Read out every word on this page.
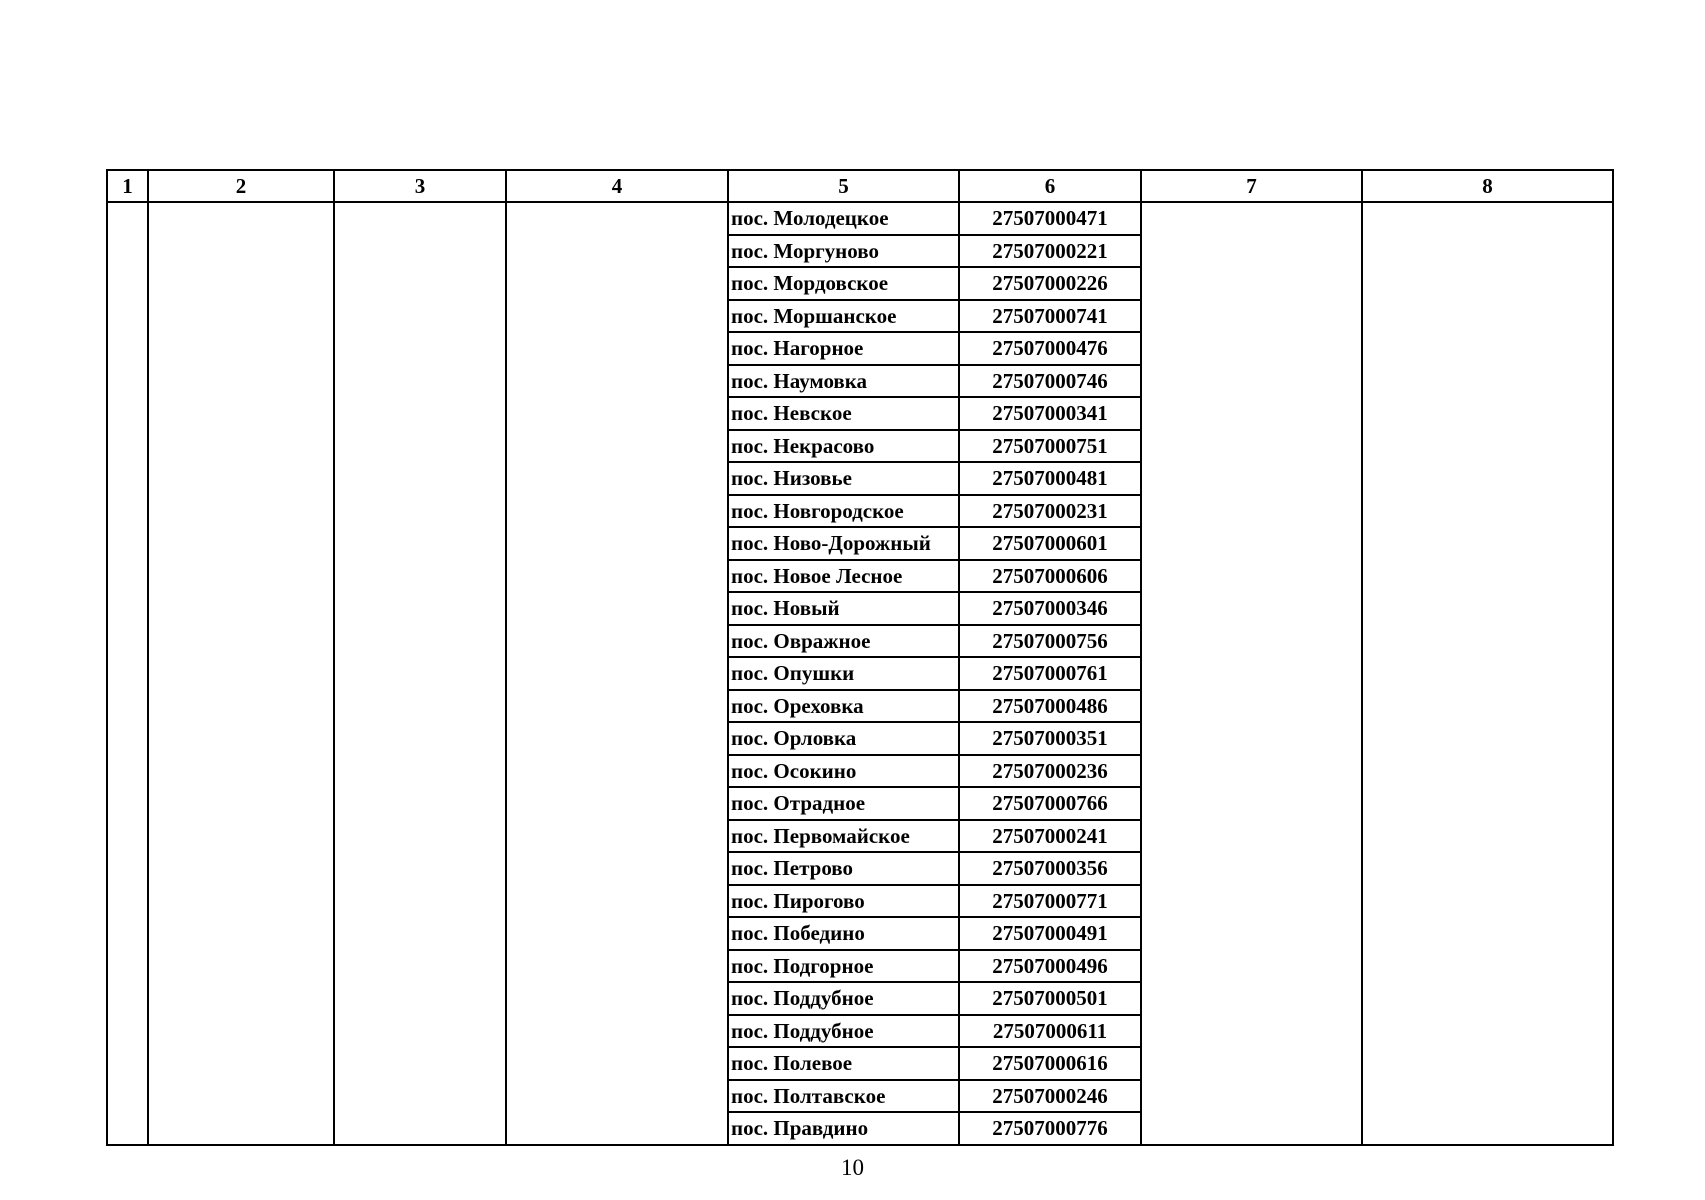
1	2	3	4	5	6	7	8
				пос. Молодецкое	27507000471		
				пос. Моргуново	27507000221		
				пос. Мордовское	27507000226		
				пос. Моршанское	27507000741		
				пос. Нагорное	27507000476		
				пос. Наумовка	27507000746		
				пос. Невское	27507000341		
				пос. Некрасово	27507000751		
				пос. Низовье	27507000481		
				пос. Новгородское	27507000231		
				пос. Ново-Дорожный	27507000601		
				пос. Новое Лесное	27507000606		
				пос. Новый	27507000346		
				пос. Овражное	27507000756		
				пос. Опушки	27507000761		
				пос. Ореховка	27507000486		
				пос. Орловка	27507000351		
				пос. Осокино	27507000236		
				пос. Отрадное	27507000766		
				пос. Первомайское	27507000241		
				пос. Петрово	27507000356		
				пос. Пирогово	27507000771		
				пос. Победино	27507000491		
				пос. Подгорное	27507000496		
				пос. Поддубное	27507000501		
				пос. Поддубное	27507000611		
				пос. Полевое	27507000616		
				пос. Полтавское	27507000246		
				пос. Правдино	27507000776		
10
